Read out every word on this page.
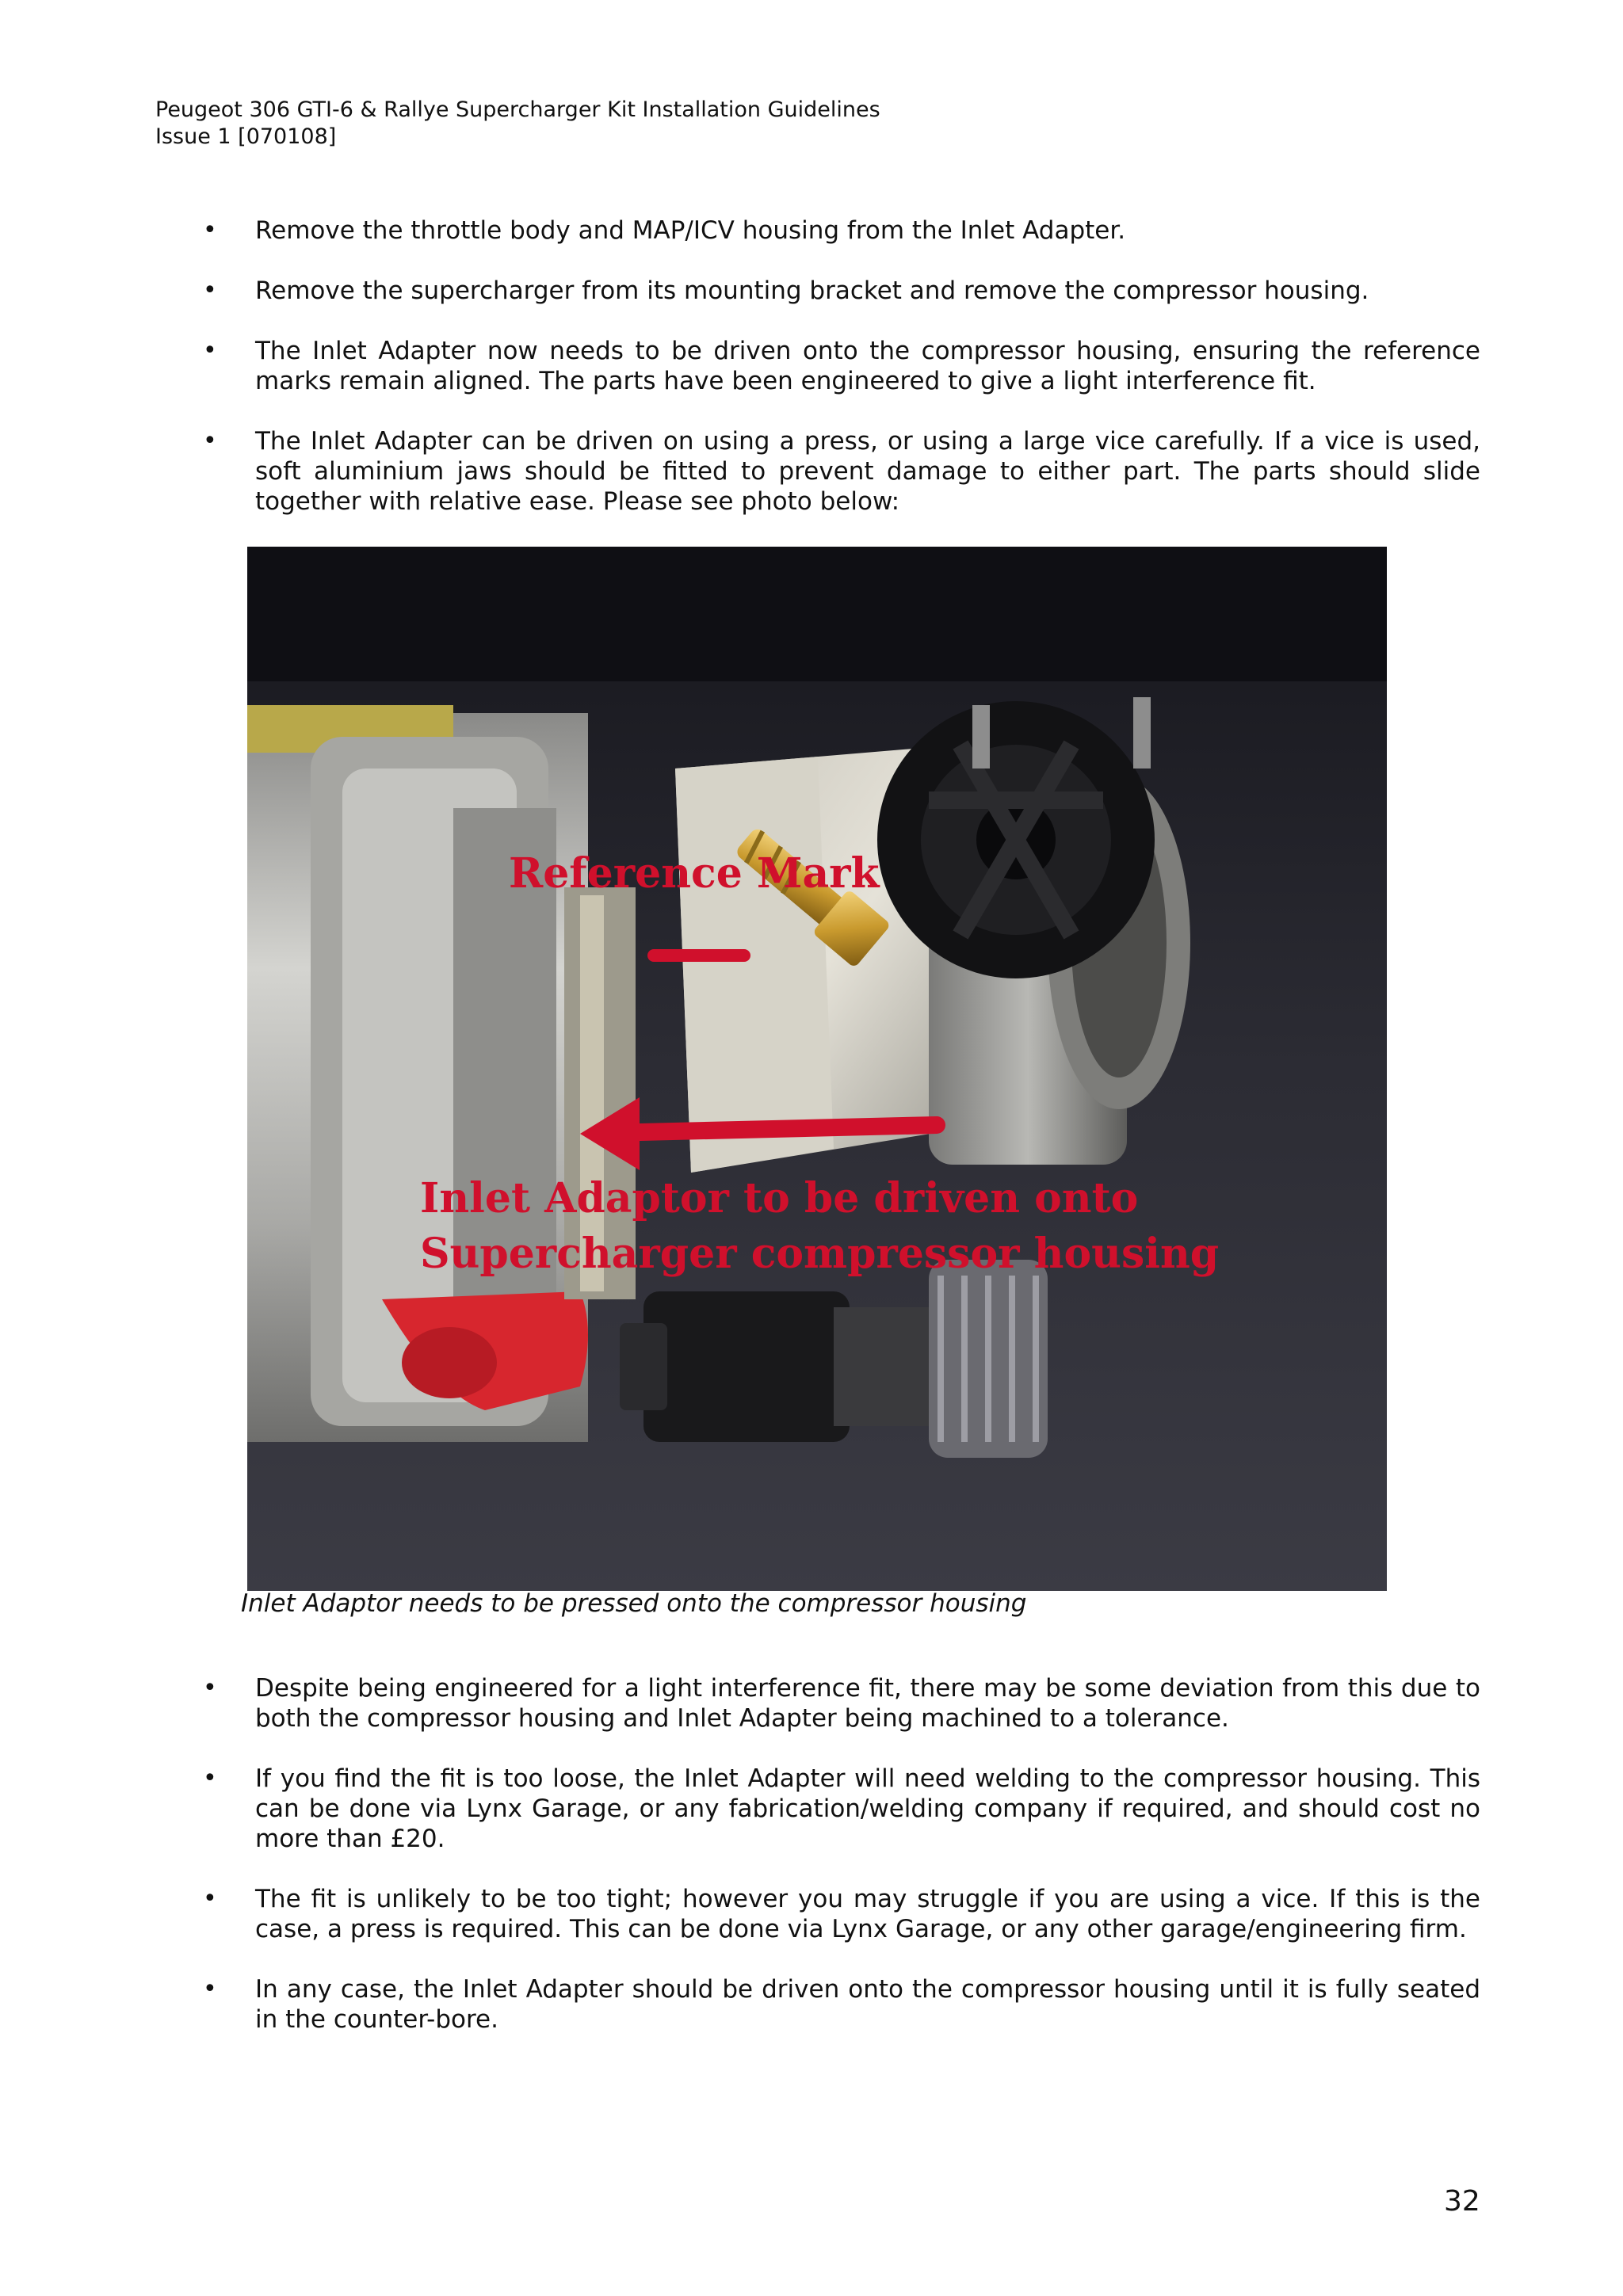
Peugeot 306 GTI-6 & Rallye Supercharger Kit Installation Guidelines
Issue 1 [070108]
• Remove the throttle body and MAP/ICV housing from the Inlet Adapter.
• Remove the supercharger from its mounting bracket and remove the compressor housing.
• The Inlet Adapter now needs to be driven onto the compressor housing, ensuring the reference marks remain aligned. The parts have been engineered to give a light interference fit.
• The Inlet Adapter can be driven on using a press, or using a large vice carefully. If a vice is used, soft aluminium jaws should be fitted to prevent damage to either part. The parts should slide together with relative ease. Please see photo below:
Reference Mark
Inlet Adaptor to be driven onto
Supercharger compressor housing
Inlet Adaptor needs to be pressed onto the compressor housing
• Despite being engineered for a light interference fit, there may be some deviation from this due to both the compressor housing and Inlet Adapter being machined to a tolerance.
• If you find the fit is too loose, the Inlet Adapter will need welding to the compressor housing. This can be done via Lynx Garage, or any fabrication/welding company if required, and should cost no more than £20.
• The fit is unlikely to be too tight; however you may struggle if you are using a vice. If this is the case, a press is required. This can be done via Lynx Garage, or any other garage/engineering firm.
• In any case, the Inlet Adapter should be driven onto the compressor housing until it is fully seated in the counter-bore.
32
